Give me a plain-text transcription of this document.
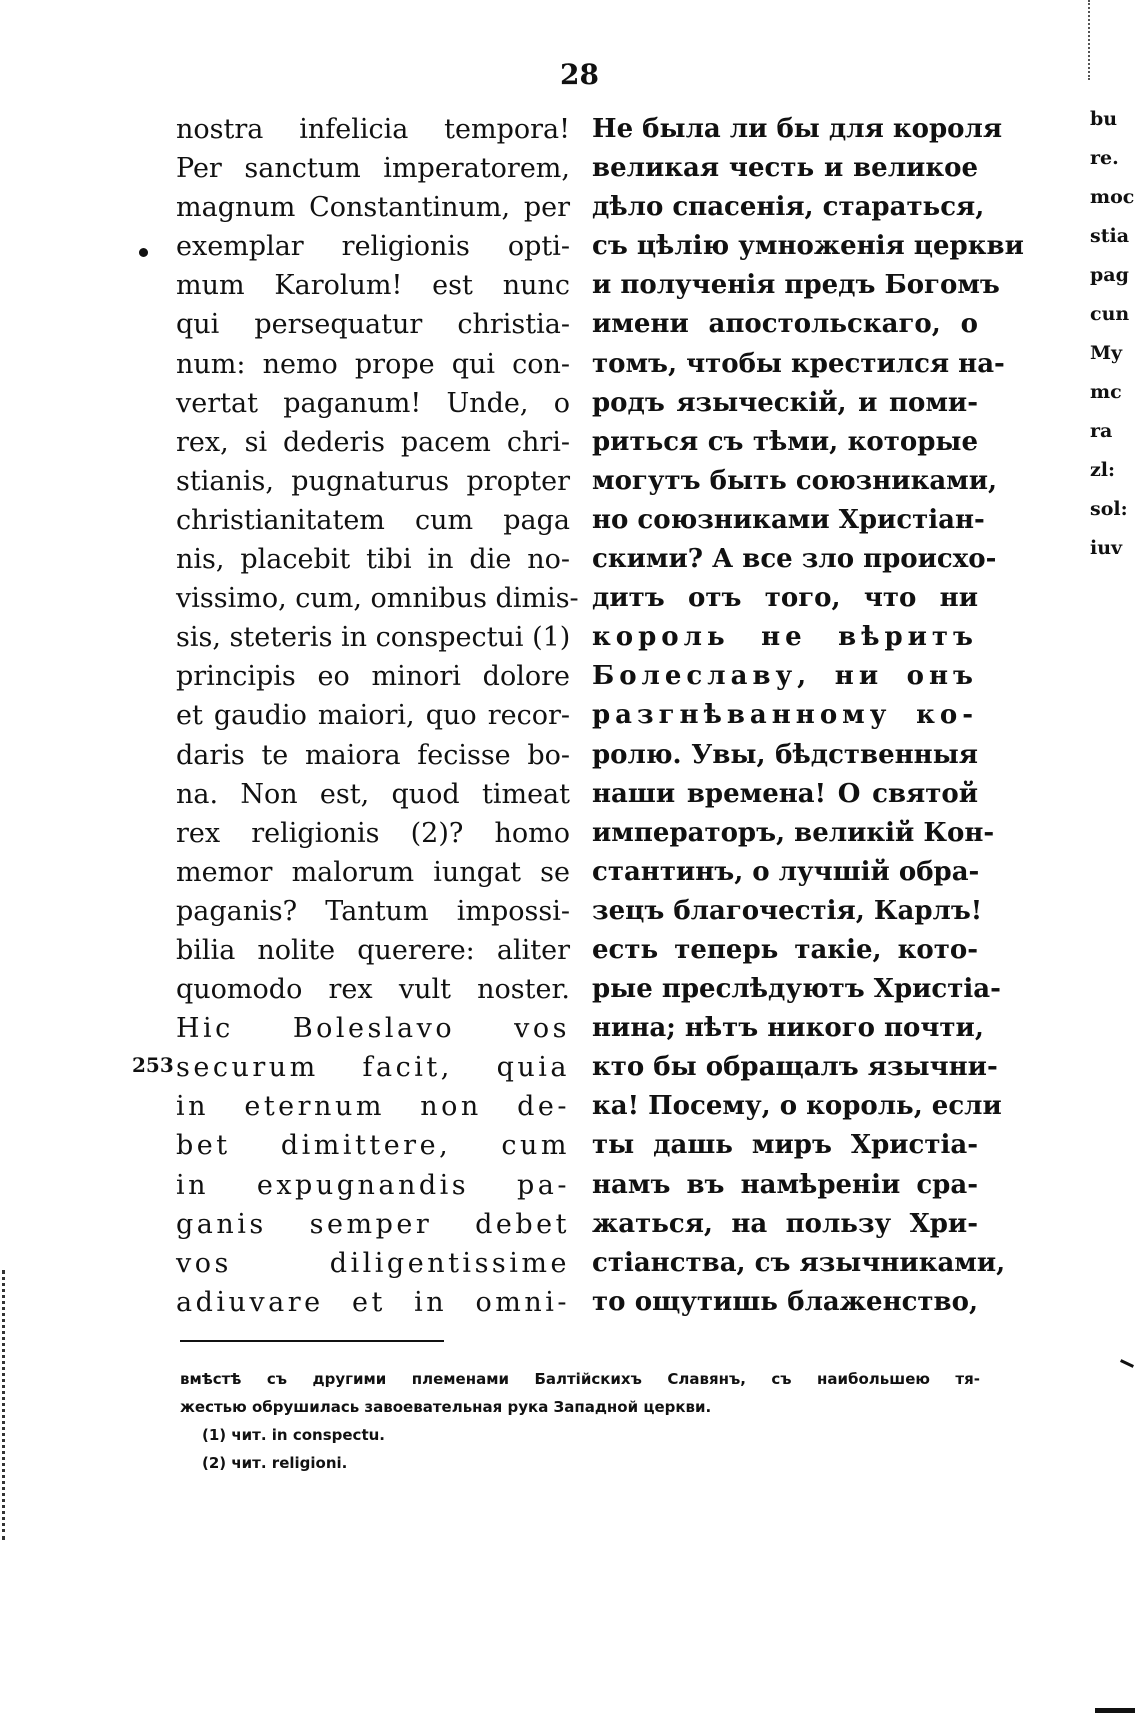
28
253
nostra infelicia tempora!
Per sanctum imperatorem,
magnum Constantinum, per
exemplar religionis opti-
mum Karolum! est nunc
qui persequatur christia-
num: nemo prope qui con-
vertat paganum! Unde, o
rex, si dederis pacem chri-
stianis, pugnaturus propter
christianitatem cum paga
nis, placebit tibi in die no-
vissimo, cum, omnibus dimis-
sis, steteris in conspectui (1)
principis eo minori dolore
et gaudio maiori, quo recor-
daris te maiora fecisse bo-
na. Non est, quod timeat
rex religionis (2)? homo
memor malorum iungat se
paganis? Tantum impossi-
bilia nolite querere: aliter
quomodo rex vult noster.
Hic Boleslavo vos
securum facit, quia
in eternum non de-
bet dimittere, cum
in expugnandis pa-
ganis semper debet
vos diligentissime
adiuvare et in omni-
Не была ли бы для короля
великая честь и великое
дѣло спасенія, стараться,
съ цѣлію умноженія церкви
и полученія предъ Богомъ
имени апостольскаго, о
томъ, чтобы крестился на-
родъ языческій, и поми-
риться съ тѣми, которые
могутъ быть союзниками,
но союзниками Христіан-
скими? А все зло происхо-
дитъ отъ того, что ни
король не вѣритъ
Болеславу, ни онъ
разгнѣванному ко-
ролю. Увы, бѣдственныя
наши времена! О святой
императоръ, великій Кон-
стантинъ, о лучшій обра-
зецъ благочестія, Карлъ!
есть теперь такіе, кото-
рые преслѣдуютъ Христіа-
нина; нѣтъ никого почти,
кто бы обращалъ язычни-
ка! Посему, о король, если
ты дашь миръ Христіа-
намъ въ намѣреніи сра-
жаться, на пользу Хри-
стіанства, съ язычниками,
то ощутишь блаженство,
вмѣстѣ съ другими племенами Балтійскихъ Славянъ, съ наибольшею тя-
жестью обрушилась завоевательная рука Западной церкви.
(1) чит. in conspectu.
(2) чит. religioni.
bu
re.
moc
stia
pag
cun
My
mc
ra
zl:
sol:
iuv
